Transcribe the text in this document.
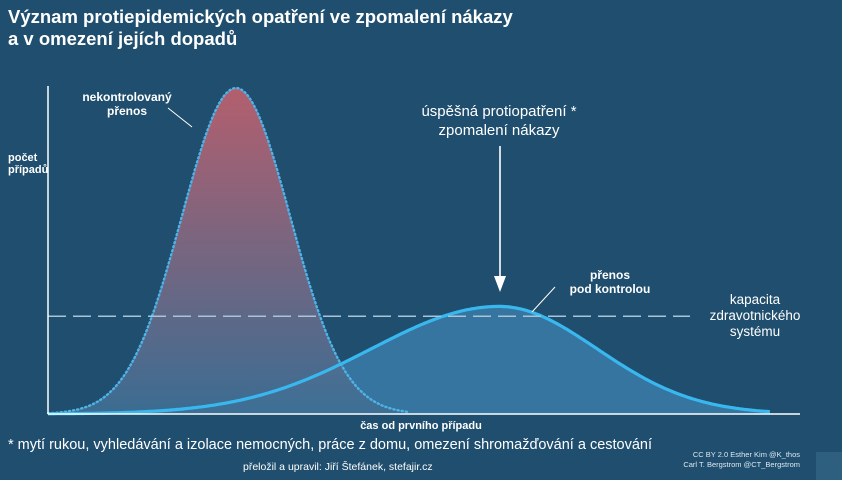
Význam protiepidemických opatření ve zpomalení nákazy
a v omezení jejích dopadů
počet
případů
čas od prvního případu
nekontrolovaný
přenos	úspěšná protiopatření *
zpomalení nákazy
přenos
pod kontrolou
kapacita
zdravotnického
systému
* mytí rukou, vyhledávání a izolace nemocných, práce z domu, omezení shromažďování a cestování
přeložil a upravil: Jiří Štefánek, stefajir.cz
CC BY 2.0 Esther Kim @K_thos
Carl T. Bergstrom @CT_Bergstrom
